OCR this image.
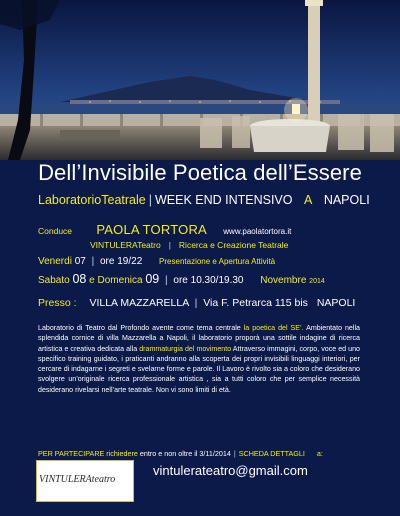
Dell’Invisibile Poetica dell’Essere
LaboratorioTeatrale | WEEK END INTENSIVO A NAPOLI
Conduce PAOLA TORTORA www.paolatortora.it
VINTULERATeatro | Ricerca e Creazione Teatrale
Venerdi 07 | ore 19/22 Presentazione e Apertura Attività
Sabato 08 e Domenica 09 | ore 10.30/19.30 Novembre 2014
Presso : VILLA MAZZARELLA | Via F. Petrarca 115 bis NAPOLI
Laboratorio di Teatro dal Profondo avente come tema centrale la poetica del SE’. Ambientato nella splendida cornice di villa Mazzarella a Napoli, il laboratorio proporà una sottile indagine di ricerca artistica e creativa dedicata alla drammaturgia del movimento Attraverso immagini, corpo, voce ed uno specifico training guidato, i praticanti andranno alla scoperta dei propri invisibili linguaggi interiori, per cercare di indagarne i segreti e svelarne forme e parole. Il Lavoro è rivolto sia a coloro che desiderano svolgere un’originale ricerca professionale artistica , sia a tutti coloro che per semplice necessità desiderano rivelarsi nell’arte teatrale. Non vi sono limiti di età.
PER PARTECIPARE richiedere entro e non oltre il 3/11/2014 | SCHEDA DETTAGLI a:
VINTULERAteatro
vintulerateatro@gmail.com
